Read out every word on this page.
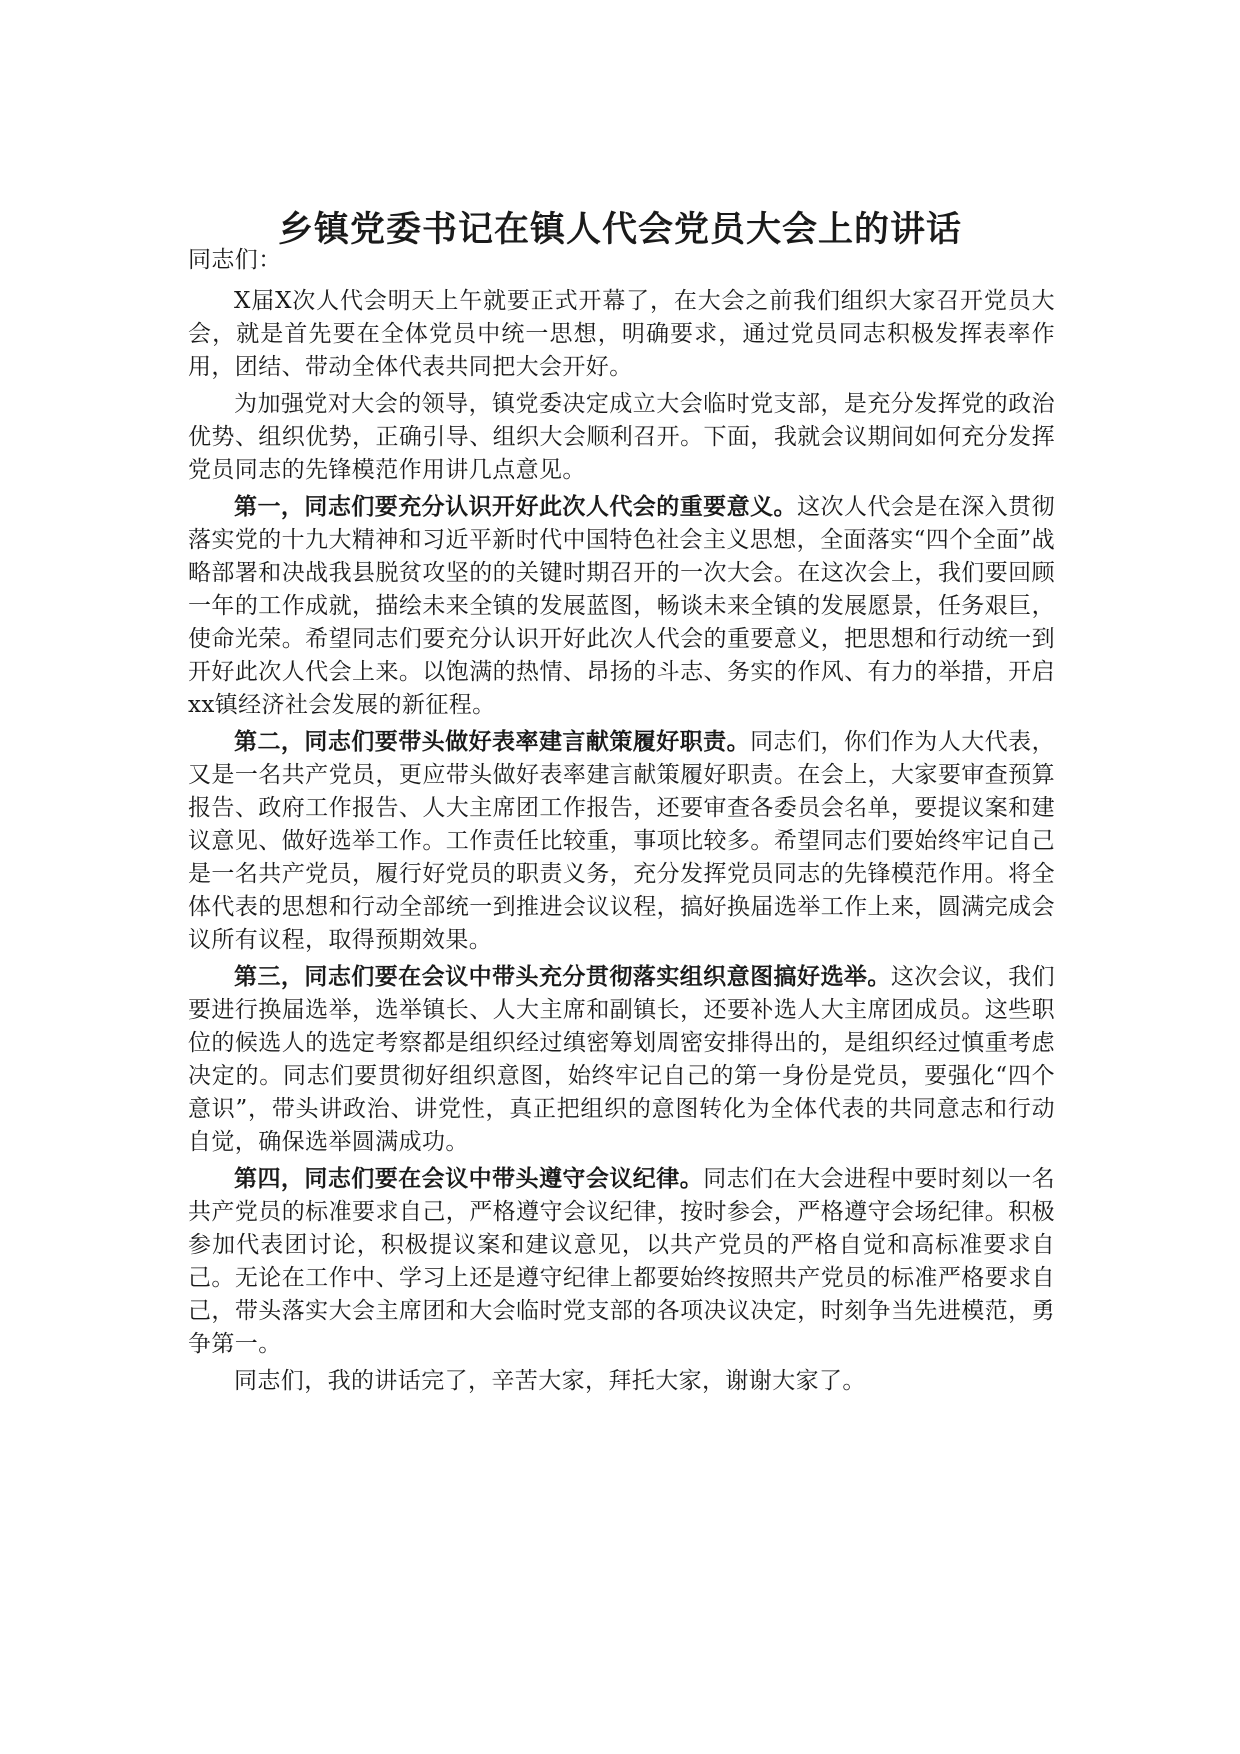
乡镇党委书记在镇人代会党员大会上的讲话

同志们：

X届X次人代会明天上午就要正式开幕了，在大会之前我们组织大家召开党员大会，就是首先要在全体党员中统一思想，明确要求，通过党员同志积极发挥表率作用，团结、带动全体代表共同把大会开好。

为加强党对大会的领导，镇党委决定成立大会临时党支部，是充分发挥党的政治优势、组织优势，正确引导、组织大会顺利召开。下面，我就会议期间如何充分发挥党员同志的先锋模范作用讲几点意见。

第一，同志们要充分认识开好此次人代会的重要意义。这次人代会是在深入贯彻落实党的十九大精神和习近平新时代中国特色社会主义思想，全面落实“四个全面”战略部署和决战我县脱贫攻坚的的关键时期召开的一次大会。在这次会上，我们要回顾一年的工作成就，描绘未来全镇的发展蓝图，畅谈未来全镇的发展愿景，任务艰巨，使命光荣。希望同志们要充分认识开好此次人代会的重要意义，把思想和行动统一到开好此次人代会上来。以饱满的热情、昂扬的斗志、务实的作风、有力的举措，开启xx镇经济社会发展的新征程。

第二，同志们要带头做好表率建言献策履好职责。同志们，你们作为人大代表，又是一名共产党员，更应带头做好表率建言献策履好职责。在会上，大家要审查预算报告、政府工作报告、人大主席团工作报告，还要审查各委员会名单，要提议案和建议意见、做好选举工作。工作责任比较重，事项比较多。希望同志们要始终牢记自己是一名共产党员，履行好党员的职责义务，充分发挥党员同志的先锋模范作用。将全体代表的思想和行动全部统一到推进会议议程，搞好换届选举工作上来，圆满完成会议所有议程，取得预期效果。

第三，同志们要在会议中带头充分贯彻落实组织意图搞好选举。这次会议，我们要进行换届选举，选举镇长、人大主席和副镇长，还要补选人大主席团成员。这些职位的候选人的选定考察都是组织经过缜密筹划周密安排得出的，是组织经过慎重考虑决定的。同志们要贯彻好组织意图，始终牢记自己的第一身份是党员，要强化“四个意识”，带头讲政治、讲党性，真正把组织的意图转化为全体代表的共同意志和行动自觉，确保选举圆满成功。

第四，同志们要在会议中带头遵守会议纪律。同志们在大会进程中要时刻以一名共产党员的标准要求自己，严格遵守会议纪律，按时参会，严格遵守会场纪律。积极参加代表团讨论，积极提议案和建议意见，以共产党员的严格自觉和高标准要求自己。无论在工作中、学习上还是遵守纪律上都要始终按照共产党员的标准严格要求自己，带头落实大会主席团和大会临时党支部的各项决议决定，时刻争当先进模范，勇争第一。

同志们，我的讲话完了，辛苦大家，拜托大家，谢谢大家了。
